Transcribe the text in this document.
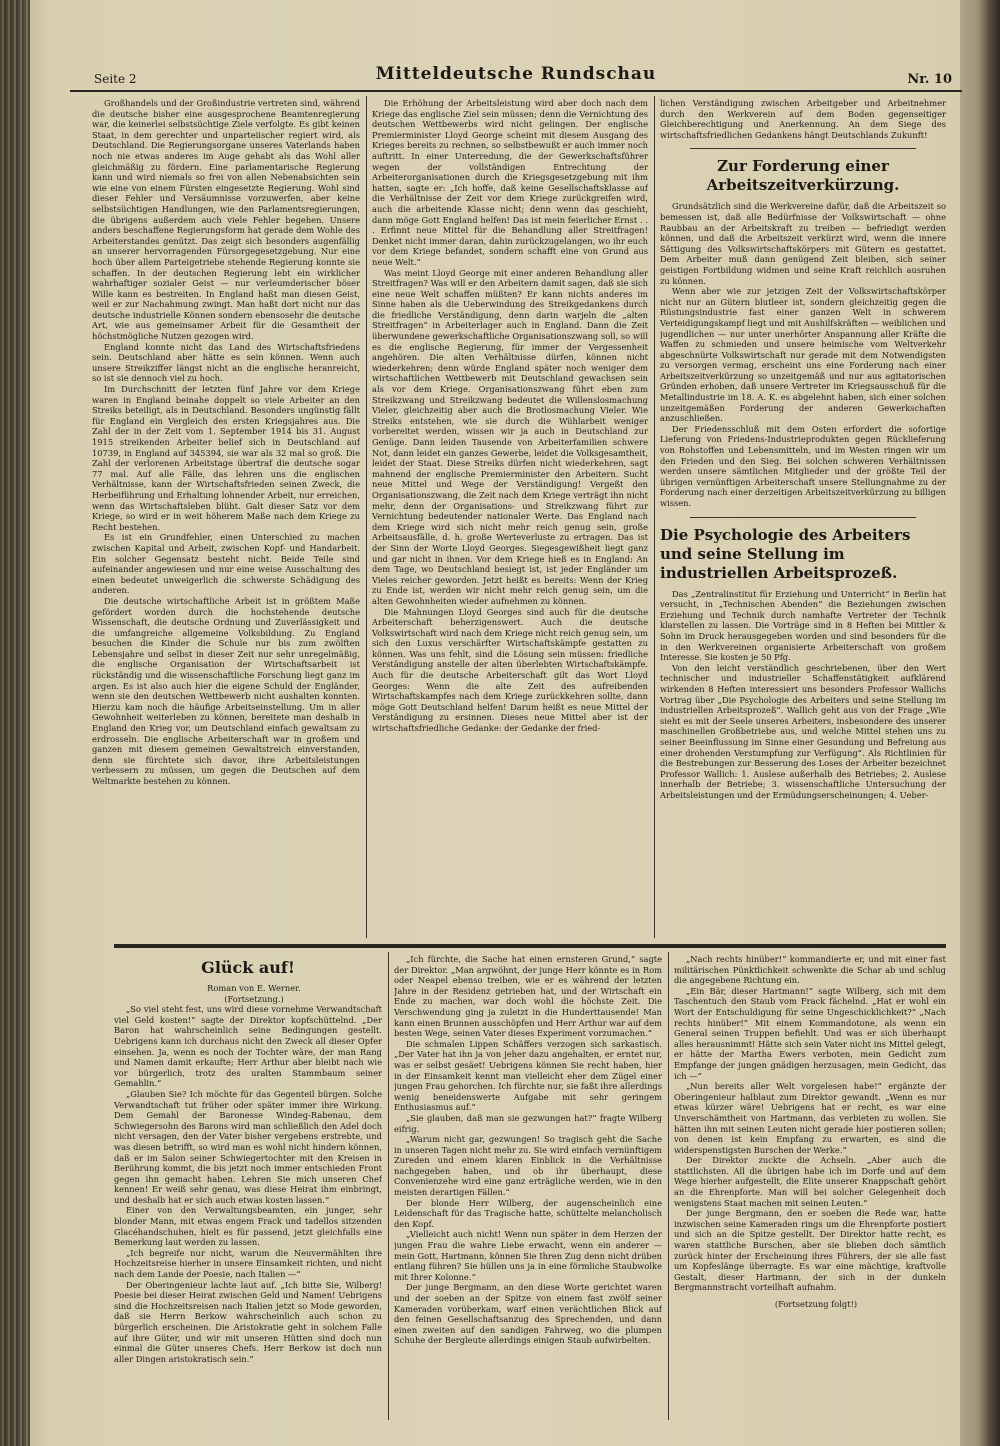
Seite 2	Mitteldeutsche Rundschau	Nr. 10

Großhandels und der Großindustrie vertreten sind, während die deutsche bisher eine ausgesprochene Beamtenregierung war, die keinerlei selbstsüchtige Ziele verfolgte. Es gibt keinen Staat, in dem gerechter und unparteiischer regiert wird, als Deutschland. Die Regierungsorgane unseres Vaterlands haben noch nie etwas anderes im Auge gehabt als das Wohl aller gleichmäßig zu fördern. Eine parlamentarische Regierung kann und wird niemals so frei von allen Nebenabsichten sein wie eine von einem Fürsten eingesetzte Regierung. Wohl sind dieser Fehler und Versäumnisse vorzuwerfen, aber keine selbstsüchtigen Handlungen, wie den Parlamentsregierungen, die übrigens außerdem auch viele Fehler begehen. Unsere anders beschaffene Regierungsform hat gerade dem Wohle des Arbeiterstandes genützt. Das zeigt sich besonders augenfällig an unserer hervorragenden Fürsorgegesetzgebung. Nur eine hoch über allem Parteigetriebe stehende Regierung konnte sie schaffen. In der deutschen Regierung lebt ein wirklicher wahrhaftiger sozialer Geist — nur verleumderischer böser Wille kann es bestreiten. In England haßt man diesen Geist, weil er zur Nachahmung zwingt. Man haßt dort nicht nur das deutsche industrielle Können sondern ebensosehr die deutsche Art, wie aus gemeinsamer Arbeit für die Gesamtheit der höchstmögliche Nutzen gezogen wird.

England konnte nicht das Land des Wirtschaftsfriedens sein. Deutschland aber hätte es sein können. Wenn auch unsere Streikziffer längst nicht an die englische heranreicht, so ist sie dennoch viel zu hoch.

Im Durchschnitt der letzten fünf Jahre vor dem Kriege waren in England beinahe doppelt so viele Arbeiter an den Streiks beteiligt, als in Deutschland. Besonders ungünstig fällt für England ein Vergleich des ersten Kriegsjahres aus. Die Zahl der in der Zeit vom 1. September 1914 bis 31. August 1915 streikenden Arbeiter belief sich in Deutschland auf 10739, in England auf 345394, sie war als 32 mal so groß. Die Zahl der verlorenen Arbeitstage übertraf die deutsche sogar 77 mal. Auf alle Fälle, das lehren uns die englischen Verhältnisse, kann der Wirtschaftsfrieden seinen Zweck, die Herbeiführung und Erhaltung lohnender Arbeit, nur erreichen, wenn das Wirtschaftsleben blüht. Galt dieser Satz vor dem Kriege, so wird er in weit höherem Maße nach dem Kriege zu Recht bestehen.

Es ist ein Grundfehler, einen Unterschied zu machen zwischen Kapital und Arbeit, zwischen Kopf- und Handarbeit. Ein solcher Gegensatz besteht nicht. Beide Teile sind aufeinander angewiesen und nur eine weise Ausschaltung des einen bedeutet unweigerlich die schwerste Schädigung des anderen.

Die deutsche wirtschaftliche Arbeit ist in größtem Maße gefördert worden durch die hochstehende deutsche Wissenschaft, die deutsche Ordnung und Zuverlässigkeit und die umfangreiche allgemeine Volksbildung. Zu England besuchen die Kinder die Schule nur bis zum zwölften Lebensjahre und selbst in dieser Zeit nur sehr unregelmäßig, die englische Organisation der Wirtschaftsarbeit ist rückständig und die wissenschaftliche Forschung liegt ganz im argen. Es ist also auch hier die eigene Schuld der Engländer, wenn sie den deutschen Wettbewerb nicht aushalten konnten. Hierzu kam noch die häufige Arbeitseinstellung. Um in aller Gewohnheit weiterleben zu können, bereitete man deshalb in England den Krieg vor, um Deutschland einfach gewaltsam zu erdrosseln. Die englische Arbeiterschaft war in großem und ganzen mit diesem gemeinen Gewaltstreich einverstanden, denn sie fürchtete sich davor, ihre Arbeitsleistungen verbessern zu müssen, um gegen die Deutschen auf dem Weltmarkte bestehen zu können.

Die Erhöhung der Arbeitsleistung wird aber doch nach dem Kriege das englische Ziel sein müssen; denn die Vernichtung des deutschen Wettbewerbs wird nicht gelingen. Der englische Premierminister Lloyd George scheint mit diesem Ausgang des Krieges bereits zu rechnen, so selbstbewußt er auch immer noch auftritt. In einer Unterredung, die der Gewerkschaftsführer wegen der vollständigen Entrechtung der Arbeiterorganisationen durch die Kriegsgesetzgebung mit ihm hatten, sagte er: „Ich hoffe, daß keine Gesellschaftsklasse auf die Verhältnisse der Zeit vor dem Kriege zurückgreifen wird, auch die arbeitende Klasse nicht; denn wenn das geschieht, dann möge Gott England helfen! Das ist mein feierlicher Ernst . . . Erfinnt neue Mittel für die Behandlung aller Streitfragen! Denket nicht immer daran, dahin zurückzugelangen, wo ihr euch vor dem Kriege befandet, sondern schafft eine von Grund aus neue Welt.“

Was meint Lloyd George mit einer anderen Behandlung aller Streitfragen? Was will er den Arbeitern damit sagen, daß sie sich eine neue Welt schaffen müßten? Er kann nichts anderes im Sinne haben als die Ueberwindung des Streikgedankens durch die friedliche Verständigung, denn darin warjeln die „alten Streitfragen“ in Arbeiterlager auch in England. Dann die Zeit überwundene gewerkschaftliche Organisationszwang soll, so will es die englische Regierung, für immer der Vergessenheit angehören. Die alten Verhältnisse dürfen, können nicht wiederkehren; denn würde England später noch weniger dem wirtschaftlichen Wettbewerb mit Deutschland gewachsen sein als vor dem Kriege. Organisationszwang führt eben zum Streikzwang und Streikzwang bedeutet die Willenslosmachung Vieler, gleichzeitig aber auch die Brotlosmachung Vieler. Wie Streiks entstehen, wie sie durch die Wühlarbeit weniger vorbereitet werden, wissen wir ja auch in Deutschland zur Genüge. Dann leiden Tausende von Arbeiterfamilien schwere Not, dann leidet ein ganzes Gewerbe, leidet die Volksgesamtheit, leidet der Staat. Diese Streiks dürfen nicht wiederkehren, sagt mahnend der englische Premierminister den Arbeitern. Sucht neue Mittel und Wege der Verständigung! Vergeßt den Organisationszwang, die Zeit nach dem Kriege verträgt ihn nicht mehr, denn der Organisations- und Streikzwang führt zur Vernichtung bedeutender nationaler Werte. Das England nach dem Kriege wird sich nicht mehr reich genug sein, große Arbeitsausfälle, d. h. große Werteverluste zu ertragen. Das ist der Sinn der Worte Lloyd Georges. Siegesgewißheit liegt ganz und gar nicht in ihnen. Vor dem Kriege hieß es in England: An dem Tage, wo Deutschland besiegt ist, ist jeder Engländer um Vieles reicher geworden. Jetzt heißt es bereits: Wenn der Krieg zu Ende ist, werden wir nicht mehr reich genug sein, um die alten Gewohnheiten wieder aufnehmen zu können.

Die Mahnungen Lloyd Georges sind auch für die deutsche Arbeiterschaft beherzigenswert. Auch die deutsche Volkswirtschaft wird nach dem Kriege nicht reich genug sein, um sich den Luxus verschärfter Wirtschaftskämpfe gestatten zu können. Was uns fehlt, sind die Lösung sein müssen: friedliche Verständigung anstelle der alten überlebten Wirtschaftskämpfe. Auch für die deutsche Arbeiterschaft gilt das Wort Lloyd Georges: Wenn die alte Zeit des aufreibenden Wirtschaftskampfes nach dem Kriege zurückkehren sollte, dann möge Gott Deutschland helfen! Darum heißt es neue Mittel der Verständigung zu ersinnen. Dieses neue Mittel aber ist der wirtschaftsfriedliche Gedanke: der Gedanke der fried-

lichen Verständigung zwischen Arbeitgeber und Arbeitnehmer durch den Werkverein auf dem Boden gegenseitiger Gleichberechtigung und Anerkennung. An dem Siege des wirtschaftsfriedlichen Gedankens hängt Deutschlands Zukunft!

Zur Forderung einer Arbeitszeitverkürzung.

Grundsätzlich sind die Werkvereine dafür, daß die Arbeitszeit so bemessen ist, daß alle Bedürfnisse der Volkswirtschaft — ohne Raubbau an der Arbeitskraft zu treiben — befriedigt werden können, und daß die Arbeitszeit verkürzt wird, wenn die innere Sättigung des Volkswirtschaftskörpers mit Gütern es gestattet. Dem Arbeiter muß dann genügend Zeit bleiben, sich seiner geistigen Fortbildung widmen und seine Kraft reichlich ausruhen zu können.

Wenn aber wie zur jetzigen Zeit der Volkswirtschaftskörper nicht nur an Gütern blutleer ist, sondern gleichzeitig gegen die Rüstungsindustrie fast einer ganzen Welt in schwerem Verteidigungskampf liegt und mit Aushilfskräften — weiblichen und jugendlichen — nur unter unerhörter Anspannung aller Kräfte die Waffen zu schmieden und unsere heimische vom Weltverkehr abgeschnürte Volkswirtschaft nur gerade mit dem Notwendigsten zu versorgen vermag, erscheint uns eine Forderung nach einer Arbeitszeitverkürzung so unzeitgemäß und nur aus agitatorischen Gründen erhoben, daß unsere Vertreter im Kriegsausschuß für die Metallindustrie im 18. A. K. es abgelehnt haben, sich einer solchen unzeitgemäßen Forderung der anderen Gewerkschaften anzuschließen.

Der Friedensschluß mit dem Osten erfordert die sofortige Lieferung von Friedens-Industrieprodukten gegen Rücklieferung von Rohstoffen und Lebensmitteln, und im Westen ringen wir um den Frieden und den Sieg. Bei solchen schweren Verhältnissen werden unsere sämtlichen Mitglieder und der größte Teil der übrigen vernünftigen Arbeiterschaft unsere Stellungnahme zu der Forderung nach einer derzeitigen Arbeitszeitverkürzung zu billigen wissen.

Die Psychologie des Arbeiters und seine Stellung im industriellen Arbeitsprozeß.

Das „Zentralinstitut für Erziehung und Unterricht“ in Berlin hat versucht, in „Technischen Abenden“ die Beziehungen zwischen Erziehung und Technik durch namhafte Vertreter der Technik klarstellen zu lassen. Die Vorträge sind in 8 Heften bei Mittler & Sohn im Druck herausgegeben worden und sind besonders für die in den Werkvereinen organisierte Arbeiterschaft von großem Interesse. Sie kosten je 50 Pfg.

Von den leicht verständlich geschriebenen, über den Wert technischer und industrieller Schaffenstätigkeit aufklärend wirkenden 8 Heften interessiert uns besonders Professor Wallichs Vortrag über „Die Psychologie des Arbeiters und seine Stellung im industriellen Arbeitsprozeß“. Wallich geht aus von der Frage „Wie sieht es mit der Seele unseres Arbeiters, insbesondere des unserer maschinellen Großbetriebe aus, und welche Mittel stehen uns zu seiner Beeinflussung im Sinne einer Gesundung und Befreiung aus einer drohenden Verstumpfung zur Verfügung“. Als Richtlinien für die Bestrebungen zur Besserung des Loses der Arbeiter bezeichnet Professor Wallich: 1. Auslese außerhalb des Betriebes; 2. Auslese innerhalb der Betriebe; 3. wissenschaftliche Untersuchung der Arbeitsleistungen und der Ermüdungserscheinungen; 4. Ueber-

Glück auf!

Roman von E. Werner.

(Fortsetzung.)

„So viel steht fest, uns wird diese vornehme Verwandtschaft viel Geld kosten!“ sagte der Direktor kopfschüttelnd. „Der Baron hat wahrscheinlich seine Bedingungen gestellt. Uebrigens kann ich durchaus nicht den Zweck all dieser Opfer einsehen. Ja, wenn es noch der Tochter wäre, der man Rang und Namen damit erkaufte; Herr Arthur aber bleibt nach wie vor bürgerlich, trotz des uralten Stammbaum seiner Gemahlin.“

„Glauben Sie? Ich möchte für das Gegenteil bürgen. Solche Verwandtschaft tut früher oder später immer ihre Wirkung. Dem Gemahl der Baronesse Windeg-Rabenau, dem Schwiegersohn des Barons wird man schließlich den Adel doch nicht versagen, den der Vater bisher vergebens erstrebte, und was diesen betrifft, so wird man es wohl nicht hindern können, daß er im Salon seiner Schwiegertochter mit den Kreisen in Berührung kommt, die bis jetzt noch immer entschieden Front gegen ihn gemacht haben. Lehren Sie mich unseren Chef kennen! Er weiß sehr genau, was diese Heirat ihm einbringt, und deshalb hat er sich auch etwas kosten lassen.“

Einer von den Verwaltungsbeamten, ein junger, sehr blonder Mann, mit etwas engem Frack und tadellos sitzenden Glacéhandschuhen, hielt es für passend, jetzt gleichfalls eine Bemerkung laut werden zu lassen.

„Ich begreife nur nicht, warum die Neuvermählten ihre Hochzeitsreise hierher in unsere Einsamkeit richten, und nicht nach dem Lande der Poesie, nach Italien —“

Der Oberingenieur lachte laut auf. „Ich bitte Sie, Wilberg! Poesie bei dieser Heirat zwischen Geld und Namen! Uebrigens sind die Hochzeitsreisen nach Italien jetzt so Mode geworden, daß sie Herrn Berkow wahrscheinlich auch schon zu bürgerlich erscheinen. Die Aristokratie geht in solchem Falle auf ihre Güter, und wir mit unseren Hütten sind doch nun einmal die Güter unseres Chefs. Herr Berkow ist doch nun aller Dingen aristokratisch sein.“

„Ich fürchte, die Sache hat einen ernsteren Grund,“ sagte der Direktor. „Man argwöhnt, der junge Herr könnte es in Rom oder Neapel ebenso treiben, wie er es während der letzten Jahre in der Residenz getrieben hat, und der Wirtschaft ein Ende zu machen, war doch wohl die höchste Zeit. Die Verschwendung ging ja zuletzt in die Hunderttausende! Man kann einen Brunnen ausschöpfen und Herr Arthur war auf dem besten Wege, seinen Vater dieses Experiment vorzumachen.“

Die schmalen Lippen Schäffers verzogen sich sarkastisch. „Der Vater hat ihn ja von jeher dazu angehalten, er erntet nur, was er selbst gesäet! Uebrigens können Sie recht haben, hier in der Einsamkeit kennt man vielleicht eher dem Zügel einer jungen Frau gehorchen. Ich fürchte nur, sie faßt ihre allerdings wenig beneidenswerte Aufgabe mit sehr geringem Enthusiasmus auf.“

„Sie glauben, daß man sie gezwungen hat?“ fragte Wilberg eifrig.

„Warum nicht gar, gezwungen! So tragisch geht die Sache in unseren Tagen nicht mehr zu. Sie wird einfach vernünftigem Zureden und einem klaren Einblick in die Verhältnisse nachgegeben haben, und ob ihr überhaupt, diese Convenienzehe wird eine ganz erträgliche werden, wie in den meisten derartigen Fällen.“

Der blonde Herr Wilberg, der augenscheinlich eine Leidenschaft für das Tragische hatte, schüttelte melancholisch den Kopf.

„Vielleicht auch nicht! Wenn nun später in dem Herzen der jungen Frau die wahre Liebe erwacht, wenn ein anderer — mein Gott, Hartmann, können Sie Ihren Zug denn nicht drüben entlang führen? Sie hüllen uns ja in eine förmliche Staubwolke mit Ihrer Kolonne.“

Der junge Bergmann, an den diese Worte gerichtet waren und der soeben an der Spitze von einem fast zwölf seiner Kameraden vorüberkam, warf einen verächtlichen Blick auf den feinen Gesellschaftsanzug des Sprechenden, und dann einen zweiten auf den sandigen Fahrweg, wo die plumpen Schuhe der Bergleute allerdings einigen Staub aufwirbelten.

„Nach rechts hinüber!“ kommandierte er, und mit einer fast militärischen Pünktlichkeit schwenkte die Schar ab und schlug die angegebene Richtung ein.

„Ein Bär, dieser Hartmann!“ sagte Wilberg, sich mit dem Taschentuch den Staub vom Frack fächelnd. „Hat er wohl ein Wort der Entschuldigung für seine Ungeschicklichkeit?“ „Nach rechts hinüber!“ Mit einem Kommandotone, als wenn ein General seinen Truppen befiehlt. Und was er sich überhaupt alles herausnimmt! Hätte sich sein Vater nicht ins Mittel gelegt, er hätte der Martha Ewers verboten, mein Gedicht zum Empfange der jungen gnädigen herzusagen, mein Gedicht, das ich —“

„Nun bereits aller Welt vorgelesen habe!“ ergänzte der Oberingenieur halblaut zum Direktor gewandt. „Wenn es nur etwas kürzer wäre! Uebrigens hat er recht, es war eine Unverschämtheit von Hartmann, das verbieten zu wollen. Sie hätten ihn mit seinen Leuten nicht gerade hier postieren sollen; von denen ist kein Empfang zu erwarten, es sind die widerspenstigsten Burschen der Werke.“

Der Direktor zuckte die Achseln. „Aber auch die stattlichsten. All die übrigen habe ich im Dorfe und auf dem Wege hierher aufgestellt, die Elite unserer Knappschaft gehört an die Ehrenpforte. Man will bei solcher Gelegenheit doch wenigstens Staat machen mit seinen Leuten.“

Der junge Bergmann, den er soeben die Rede war, hatte inzwischen seine Kameraden rings um die Ehrenpforte postiert und sich an die Spitze gestellt. Der Direktor hatte recht, es waren stattliche Burschen, aber sie blieben doch sämtlich zurück hinter der Erscheinung ihres Führers, der sie alle fast um Kopfeslänge überragte. Es war eine mächtige, kraftvolle Gestalt, dieser Hartmann, der sich in der dunkeln Bergmannstracht vorteilhaft aufnahm.

(Fortsetzung folgt!)
